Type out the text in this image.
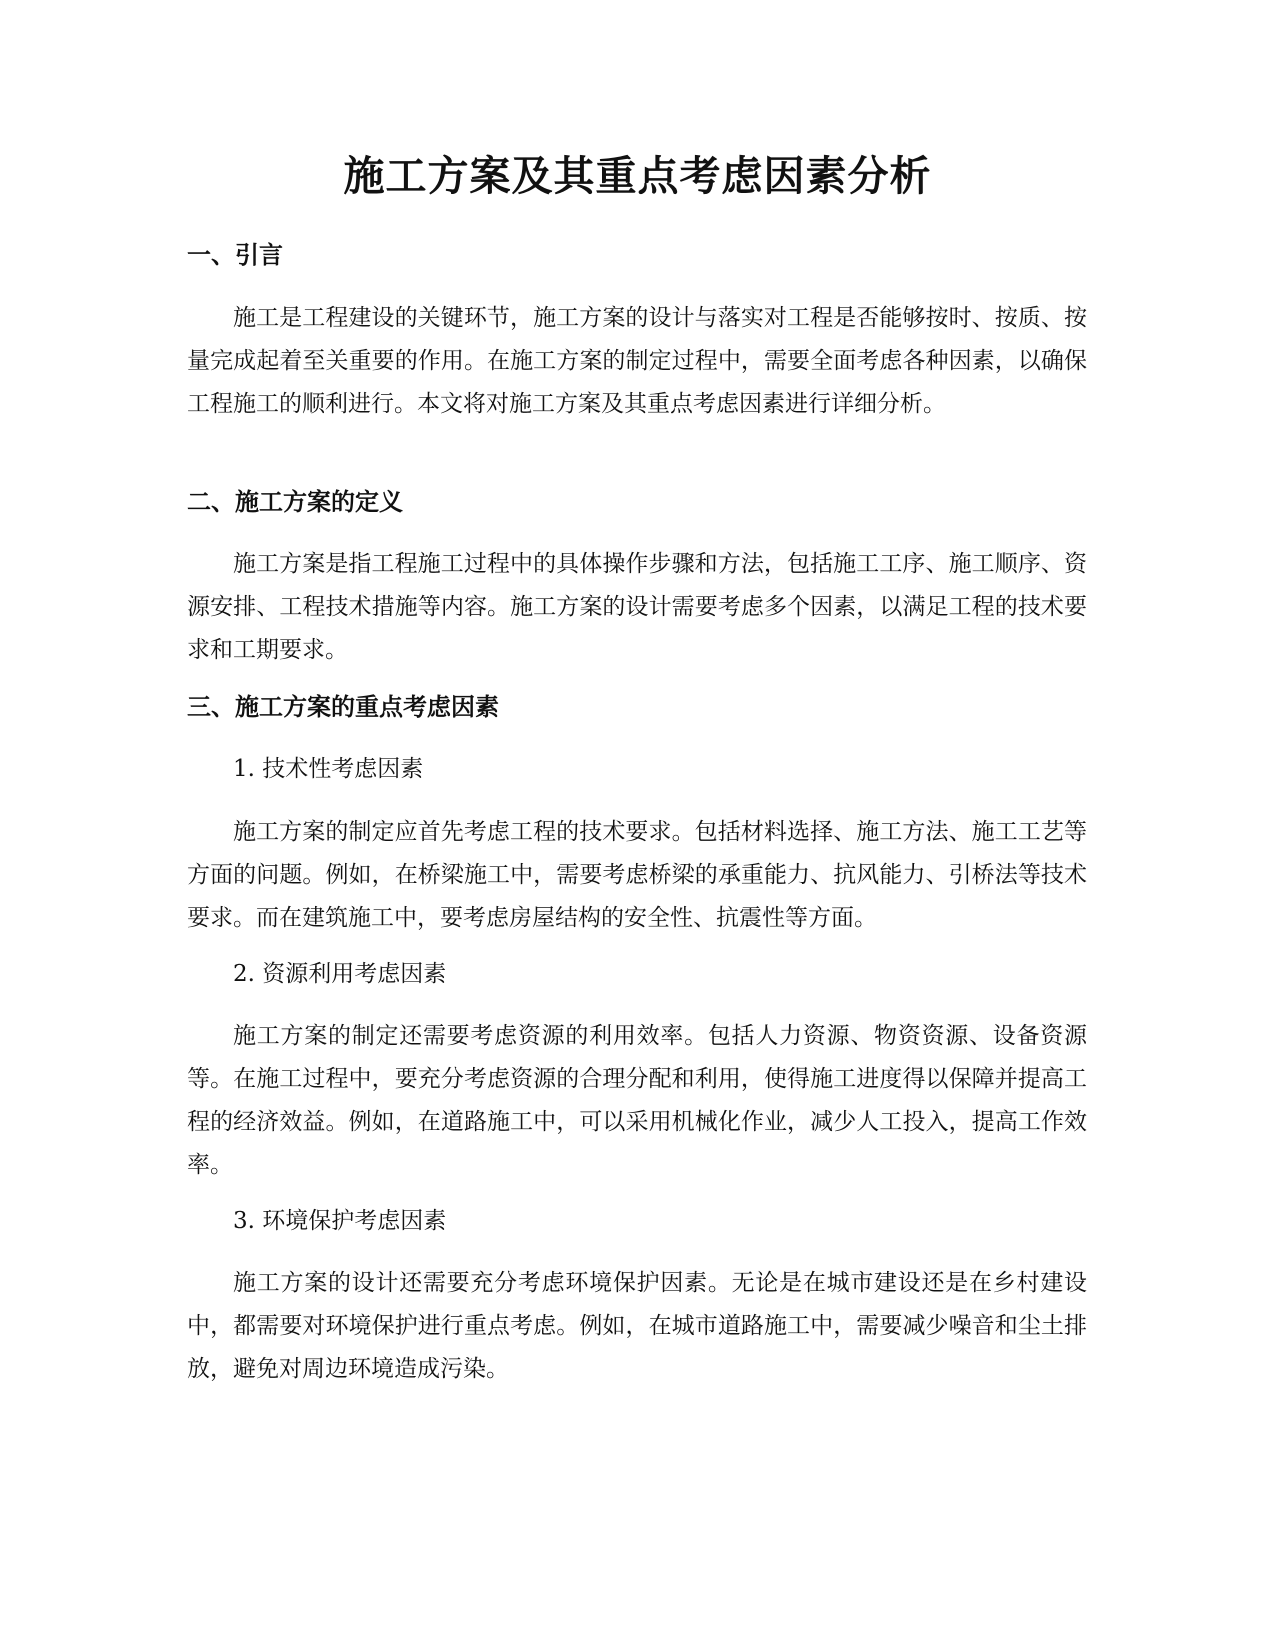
施工方案及其重点考虑因素分析
一、引言

施工是工程建设的关键环节，施工方案的设计与落实对工程是否能够按时、按质、按量完成起着至关重要的作用。在施工方案的制定过程中，需要全面考虑各种因素，以确保工程施工的顺利进行。本文将对施工方案及其重点考虑因素进行详细分析。

二、施工方案的定义

施工方案是指工程施工过程中的具体操作步骤和方法，包括施工工序、施工顺序、资源安排、工程技术措施等内容。施工方案的设计需要考虑多个因素，以满足工程的技术要求和工期要求。

三、施工方案的重点考虑因素
1. 技术性考虑因素

施工方案的制定应首先考虑工程的技术要求。包括材料选择、施工方法、施工工艺等方面的问题。例如，在桥梁施工中，需要考虑桥梁的承重能力、抗风能力、引桥法等技术要求。而在建筑施工中，要考虑房屋结构的安全性、抗震性等方面。

2. 资源利用考虑因素

施工方案的制定还需要考虑资源的利用效率。包括人力资源、物资资源、设备资源等。在施工过程中，要充分考虑资源的合理分配和利用，使得施工进度得以保障并提高工程的经济效益。例如，在道路施工中，可以采用机械化作业，减少人工投入，提高工作效率。

3. 环境保护考虑因素

施工方案的设计还需要充分考虑环境保护因素。无论是在城市建设还是在乡村建设中，都需要对环境保护进行重点考虑。例如，在城市道路施工中，需要减少噪音和尘土排放，避免对周边环境造成污染。
